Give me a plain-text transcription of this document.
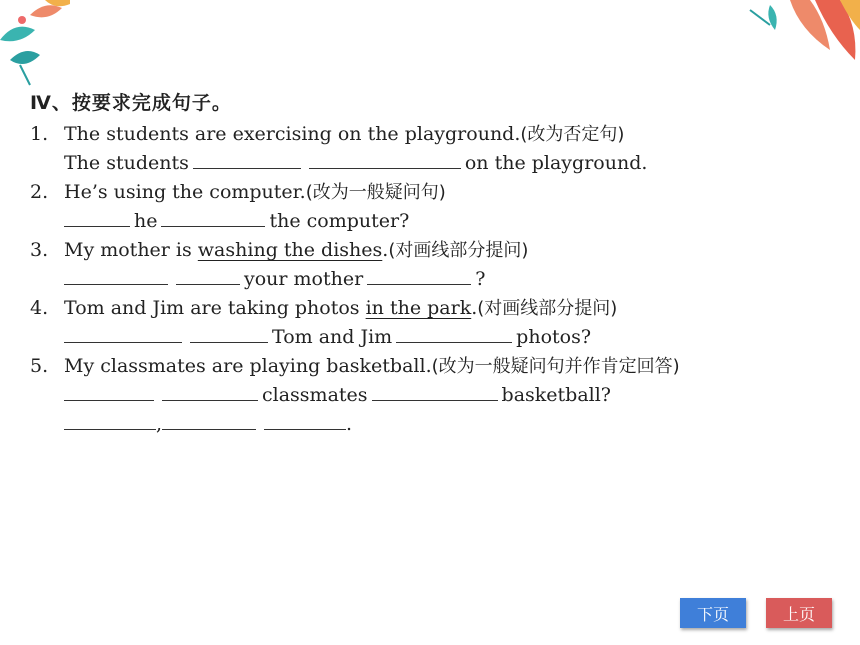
Ⅳ、按要求完成句子。
1. The students are exercising on the playground.(改为否定句)
The students	on the playground.
2. He’s using the computer.(改为一般疑问句)
he	the computer?
3. My mother is washing the dishes.(对画线部分提问)
your mother	?
4. Tom and Jim are taking photos in the park.(对画线部分提问)
Tom and Jim	photos?
5. My classmates are playing basketball.(改为一般疑问句并作肯定回答)
classmates	basketball?
,	.
下页	上页
